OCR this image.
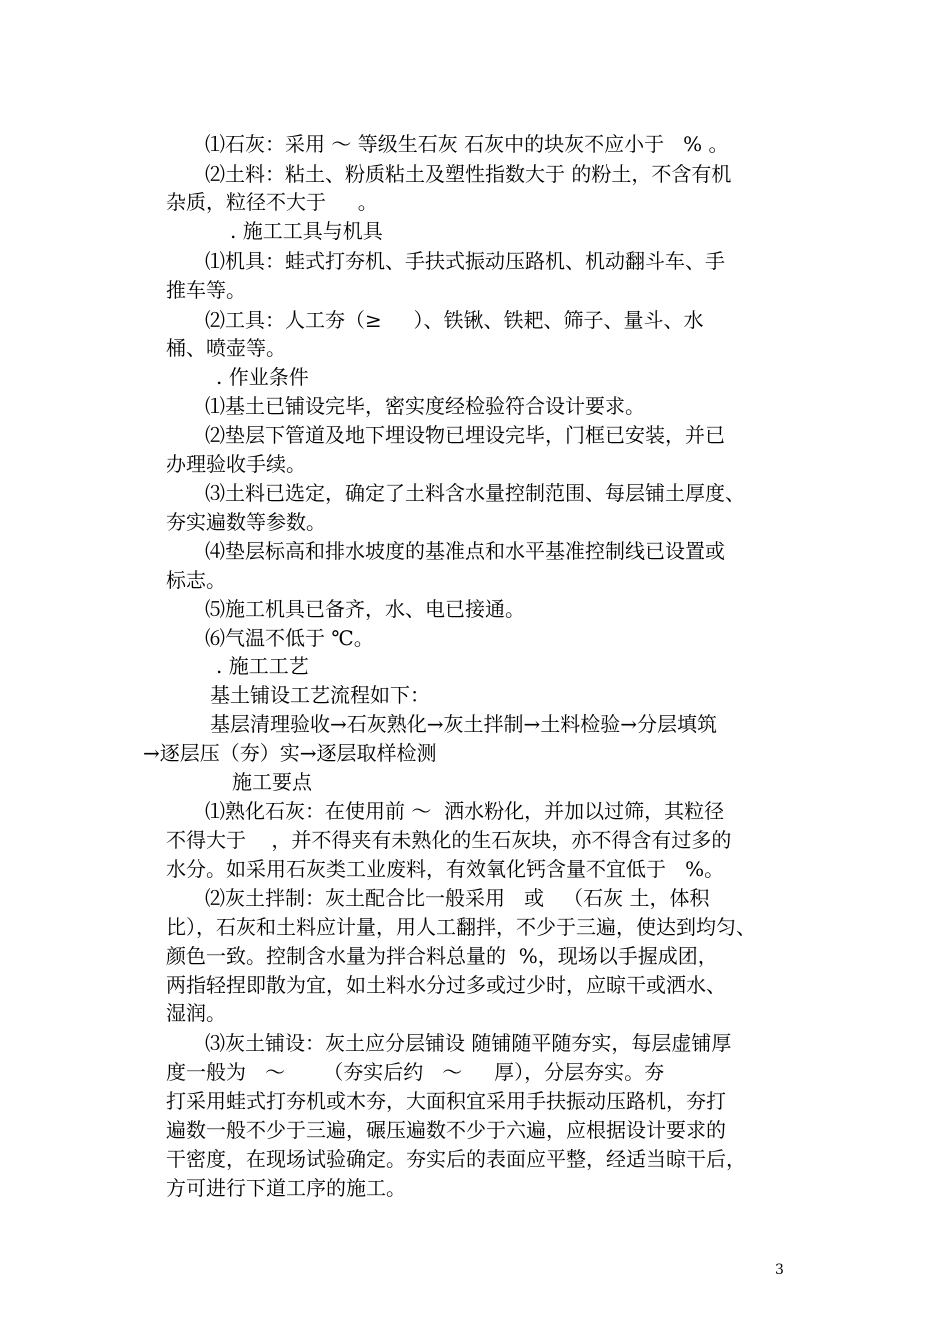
⑴石灰：采用 ～ 等级生石灰 石灰中的块灰不应小于   % 。
⑵土料：粘土、粉质粘土及塑性指数大于 的粉土，不含有机
杂质，粒径不大于     。
. 施工工具与机具
⑴机具：蛙式打夯机、手扶式振动压路机、机动翻斗车、手
推车等。
⑵工具：人工夯（≥     ）、铁锹、铁耙、筛子、量斗、水
桶、喷壶等。
. 作业条件
⑴基土已铺设完毕，密实度经检验符合设计要求。
⑵垫层下管道及地下埋设物已埋设完毕，门框已安装，并已
办理验收手续。
⑶土料已选定，确定了土料含水量控制范围、每层铺土厚度、
夯实遍数等参数。
⑷垫层标高和排水坡度的基准点和水平基准控制线已设置或
标志。
⑸施工机具已备齐，水、电已接通。
⑹气温不低于 ℃。
. 施工工艺
基土铺设工艺流程如下：
基层清理验收→石灰熟化→灰土拌制→土料检验→分层填筑
→逐层压（夯）实→逐层取样检测
施工要点
⑴熟化石灰：在使用前 ～  洒水粉化，并加以过筛，其粒径
不得大于    ，并不得夹有未熟化的生石灰块，亦不得含有过多的
水分。如采用石灰类工业废料，有效氧化钙含量不宜低于   %。
⑵灰土拌制：灰土配合比一般采用   或   （石灰 土，体积
比），石灰和土料应计量，用人工翻拌，不少于三遍，使达到均匀、
颜色一致。控制含水量为拌合料总量的  %，现场以手握成团，
两指轻捏即散为宜，如土料水分过多或过少时，应晾干或洒水、
湿润。
⑶灰土铺设：灰土应分层铺设 随铺随平随夯实，每层虚铺厚
度一般为   ～      （夯实后约   ～     厚），分层夯实。夯
打采用蛙式打夯机或木夯，大面积宜采用手扶振动压路机，夯打
遍数一般不少于三遍，碾压遍数不少于六遍，应根据设计要求的
干密度，在现场试验确定。夯实后的表面应平整，经适当晾干后，
方可进行下道工序的施工。
3
